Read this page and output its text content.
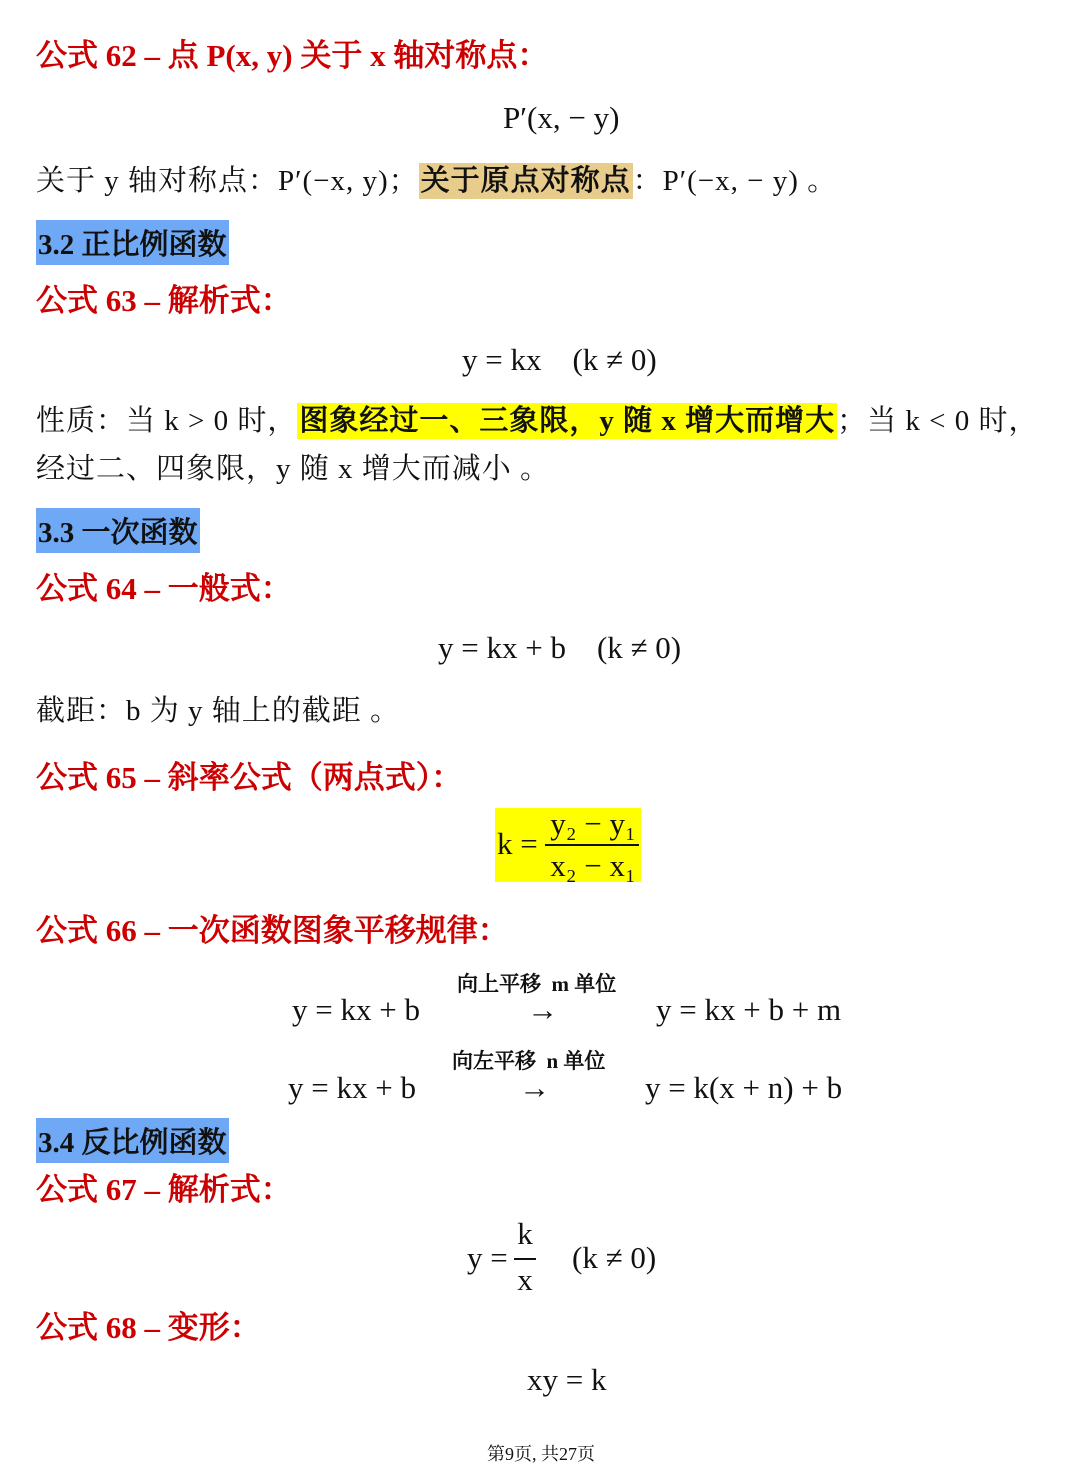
公式 62 – 点 P(x, y) 关于 x 轴对称点：
P′(x, − y)
关于 y 轴对称点：P′(−x, y)；关于原点对称点：P′(−x, − y) 。
3.2 正比例函数
公式 63 – 解析式：
y = kx    (k ≠ 0)
性质：当 k > 0 时，图象经过一、三象限，y 随 x 增大而增大；当 k < 0 时，
经过二、四象限，y 随 x 增大而减小 。
3.3 一次函数
公式 64 – 一般式：
y = kx + b    (k ≠ 0)
截距：b 为 y 轴上的截距 。
公式 65 – 斜率公式（两点式）：
k =
y₂ − y₁
x₂ − x₁
公式 66 – 一次函数图象平移规律：
向上平移  m 单位
y = kx + b	→	y = kx + b + m
向左平移  n 单位
y = kx + b	→	y = k(x + n) + b
3.4 反比例函数
公式 67 – 解析式：
y =
k
x
(k ≠ 0)
公式 68 – 变形：
xy = k
第9页, 共27页
